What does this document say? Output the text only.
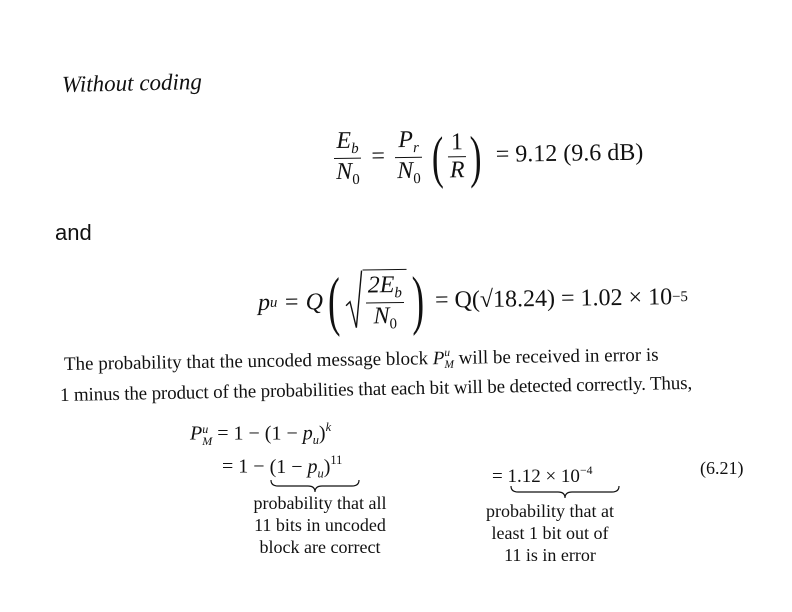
Without coding
$\frac{E_b}{N_0} = \frac{P_r}{N_0}$ ( $\frac{1}{R}$ ) = 9.12 (9.6 dB)
and
p u = Q ( $\frac{2E_b}{N_0}$ ) = Q(√18.24) = 1.02 × 10 −5
The probability that the uncoded message block P u
M will be received in error is
1 minus the product of the probabilities that each bit will be detected correctly. Thus,
P u
$M = 1 - (1 - p_u)^k$
= $1 - (1 - p_u)^{11}$
= $1.12 \times 10^{-4}$	(6.21)
probability that all
11 bits in uncoded
block are correct
probability that at
least 1 bit out of
11 is in error
